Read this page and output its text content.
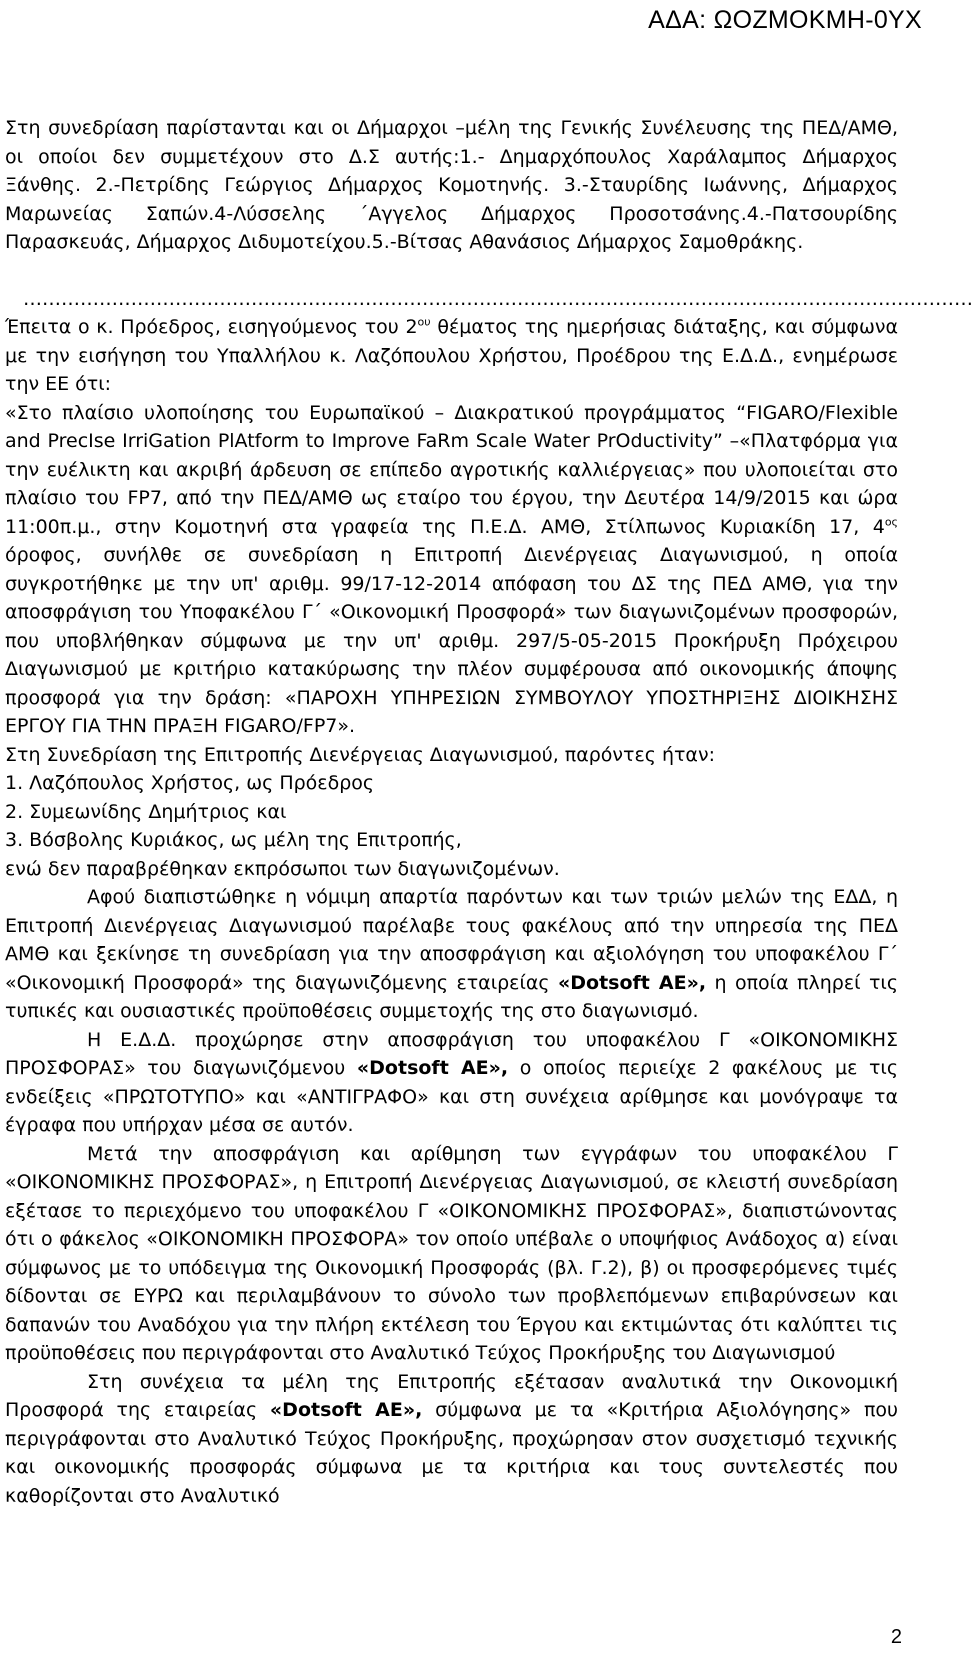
ΑΔΑ: ΩΟΖΜΟΚΜΗ-0ΥΧ

Στη συνεδρίαση παρίστανται και οι Δήμαρχοι –μέλη της Γενικής Συνέλευσης της ΠΕΔ/ΑΜΘ, οι οποίοι δεν συμμετέχουν στο Δ.Σ αυτής:1.- Δημαρχόπουλος Χαράλαμπος Δήμαρχος Ξάνθης. 2.-Πετρίδης Γεώργιος Δήμαρχος Κομοτηνής. 3.-Σταυρίδης Ιωάννης, Δήμαρχος Μαρωνείας Σαπών.4-Λύσσελης ΄Αγγελος Δήμαρχος Προσοτσάνης.4.-Πατσουρίδης Παρασκευάς, Δήμαρχος Διδυμοτείχου.5.-Βίτσας Αθανάσιος Δήμαρχος Σαμοθράκης.

……………………………………………………………………………………………………………………………………

Έπειτα ο κ. Πρόεδρος, εισηγούμενος του $2^{o\upsilon}$ θέματος της ημερήσιας διάταξης, και σύμφωνα με την εισήγηση του Υπαλλήλου κ. Λαζόπουλου Χρήστου, Προέδρου της Ε.Δ.Δ., ενημέρωσε την ΕΕ ότι:

«Στο πλαίσιο υλοποίησης του Ευρωπαϊκού – Διακρατικού προγράμματος “FIGARO/Flexible and PrecIse IrriGation PlAtform to Improve FaRm Scale Water PrOductivity” –«Πλατφόρμα για την ευέλικτη και ακριβή άρδευση σε επίπεδο αγροτικής καλλιέργειας» που υλοποιείται στο πλαίσιο του FP7, από την ΠΕΔ/ΑΜΘ ως εταίρο του έργου, την Δευτέρα 14/9/2015 και ώρα 11:00π.μ., στην Κομοτηνή στα γραφεία της Π.Ε.Δ. ΑΜΘ, Στίλπωνος Κυριακίδη 17, $4^{o\varsigma}$ όροφος, συνήλθε σε συνεδρίαση η Επιτροπή Διενέργειας Διαγωνισμού, η οποία συγκροτήθηκε με την υπ' αριθμ. 99/17-12-2014 απόφαση του ΔΣ της ΠΕΔ ΑΜΘ, για την αποσφράγιση του Υποφακέλου Γ΄ «Οικονομική Προσφορά» των διαγωνιζομένων προσφορών, που υποβλήθηκαν σύμφωνα με την υπ' αριθμ. 297/5-05-2015 Προκήρυξη Πρόχειρου Διαγωνισμού με κριτήριο κατακύρωσης την πλέον συμφέρουσα από οικονομικής άποψης προσφορά για την δράση: «ΠΑΡΟΧΗ ΥΠΗΡΕΣΙΩΝ ΣΥΜΒΟΥΛΟΥ ΥΠΟΣΤΗΡΙΞΗΣ ΔΙΟΙΚΗΣΗΣ ΕΡΓΟΥ ΓΙΑ ΤΗΝ ΠΡΑΞΗ FIGARO/FP7».

Στη Συνεδρίαση της Επιτροπής Διενέργειας Διαγωνισμού, παρόντες ήταν:

1. Λαζόπουλος Χρήστος, ως Πρόεδρος

2. Συμεωνίδης Δημήτριος και

3. Βόσβολης Κυριάκος, ως μέλη της Επιτροπής,

ενώ δεν παραβρέθηκαν εκπρόσωποι των διαγωνιζομένων.

Αφού διαπιστώθηκε η νόμιμη απαρτία παρόντων και των τριών μελών της ΕΔΔ, η Επιτροπή Διενέργειας Διαγωνισμού παρέλαβε τους φακέλους από την υπηρεσία της ΠΕΔ ΑΜΘ και ξεκίνησε τη συνεδρίαση για την αποσφράγιση και αξιολόγηση του υποφακέλου Γ΄ «Οικονομική Προσφορά» της διαγωνιζόμενης εταιρείας «Dotsoft AE», η οποία πληρεί τις τυπικές και ουσιαστικές προϋποθέσεις συμμετοχής της στο διαγωνισμό.

Η Ε.Δ.Δ. προχώρησε στην αποσφράγιση του υποφακέλου Γ «ΟΙΚΟΝΟΜΙΚΗΣ ΠΡΟΣΦΟΡΑΣ» του διαγωνιζόμενου «Dotsoft AE», ο οποίος περιείχε 2 φακέλους με τις ενδείξεις «ΠΡΩΤΟΤΥΠΟ» και «ΑΝΤΙΓΡΑΦΟ» και στη συνέχεια αρίθμησε και μονόγραψε τα έγραφα που υπήρχαν μέσα σε αυτόν.

Μετά την αποσφράγιση και αρίθμηση των εγγράφων του υποφακέλου Γ «ΟΙΚΟΝΟΜΙΚΗΣ ΠΡΟΣΦΟΡΑΣ», η Επιτροπή Διενέργειας Διαγωνισμού, σε κλειστή συνεδρίαση εξέτασε το περιεχόμενο του υποφακέλου Γ «ΟΙΚΟΝΟΜΙΚΗΣ ΠΡΟΣΦΟΡΑΣ», διαπιστώνοντας ότι ο φάκελος «ΟΙΚΟΝΟΜΙΚΗ ΠΡΟΣΦΟΡΑ» τον οποίο υπέβαλε ο υποψήφιος Ανάδοχος α) είναι σύμφωνος με το υπόδειγμα της Οικονομική Προσφοράς (βλ. Γ.2), β) οι προσφερόμενες τιμές δίδονται σε ΕΥΡΩ και περιλαμβάνουν το σύνολο των προβλεπόμενων επιβαρύνσεων και δαπανών του Αναδόχου για την πλήρη εκτέλεση του Έργου και εκτιμώντας ότι καλύπτει τις προϋποθέσεις που περιγράφονται στο Αναλυτικό Τεύχος Προκήρυξης του Διαγωνισμού

Στη συνέχεια τα μέλη της Επιτροπής εξέτασαν αναλυτικά την Οικονομική Προσφορά της εταιρείας «Dotsoft AE», σύμφωνα με τα «Κριτήρια Αξιολόγησης» που περιγράφονται στο Αναλυτικό Τεύχος Προκήρυξης, προχώρησαν στον συσχετισμό τεχνικής και οικονομικής προσφοράς σύμφωνα με τα κριτήρια και τους συντελεστές που καθορίζονται στο Αναλυτικό

2
